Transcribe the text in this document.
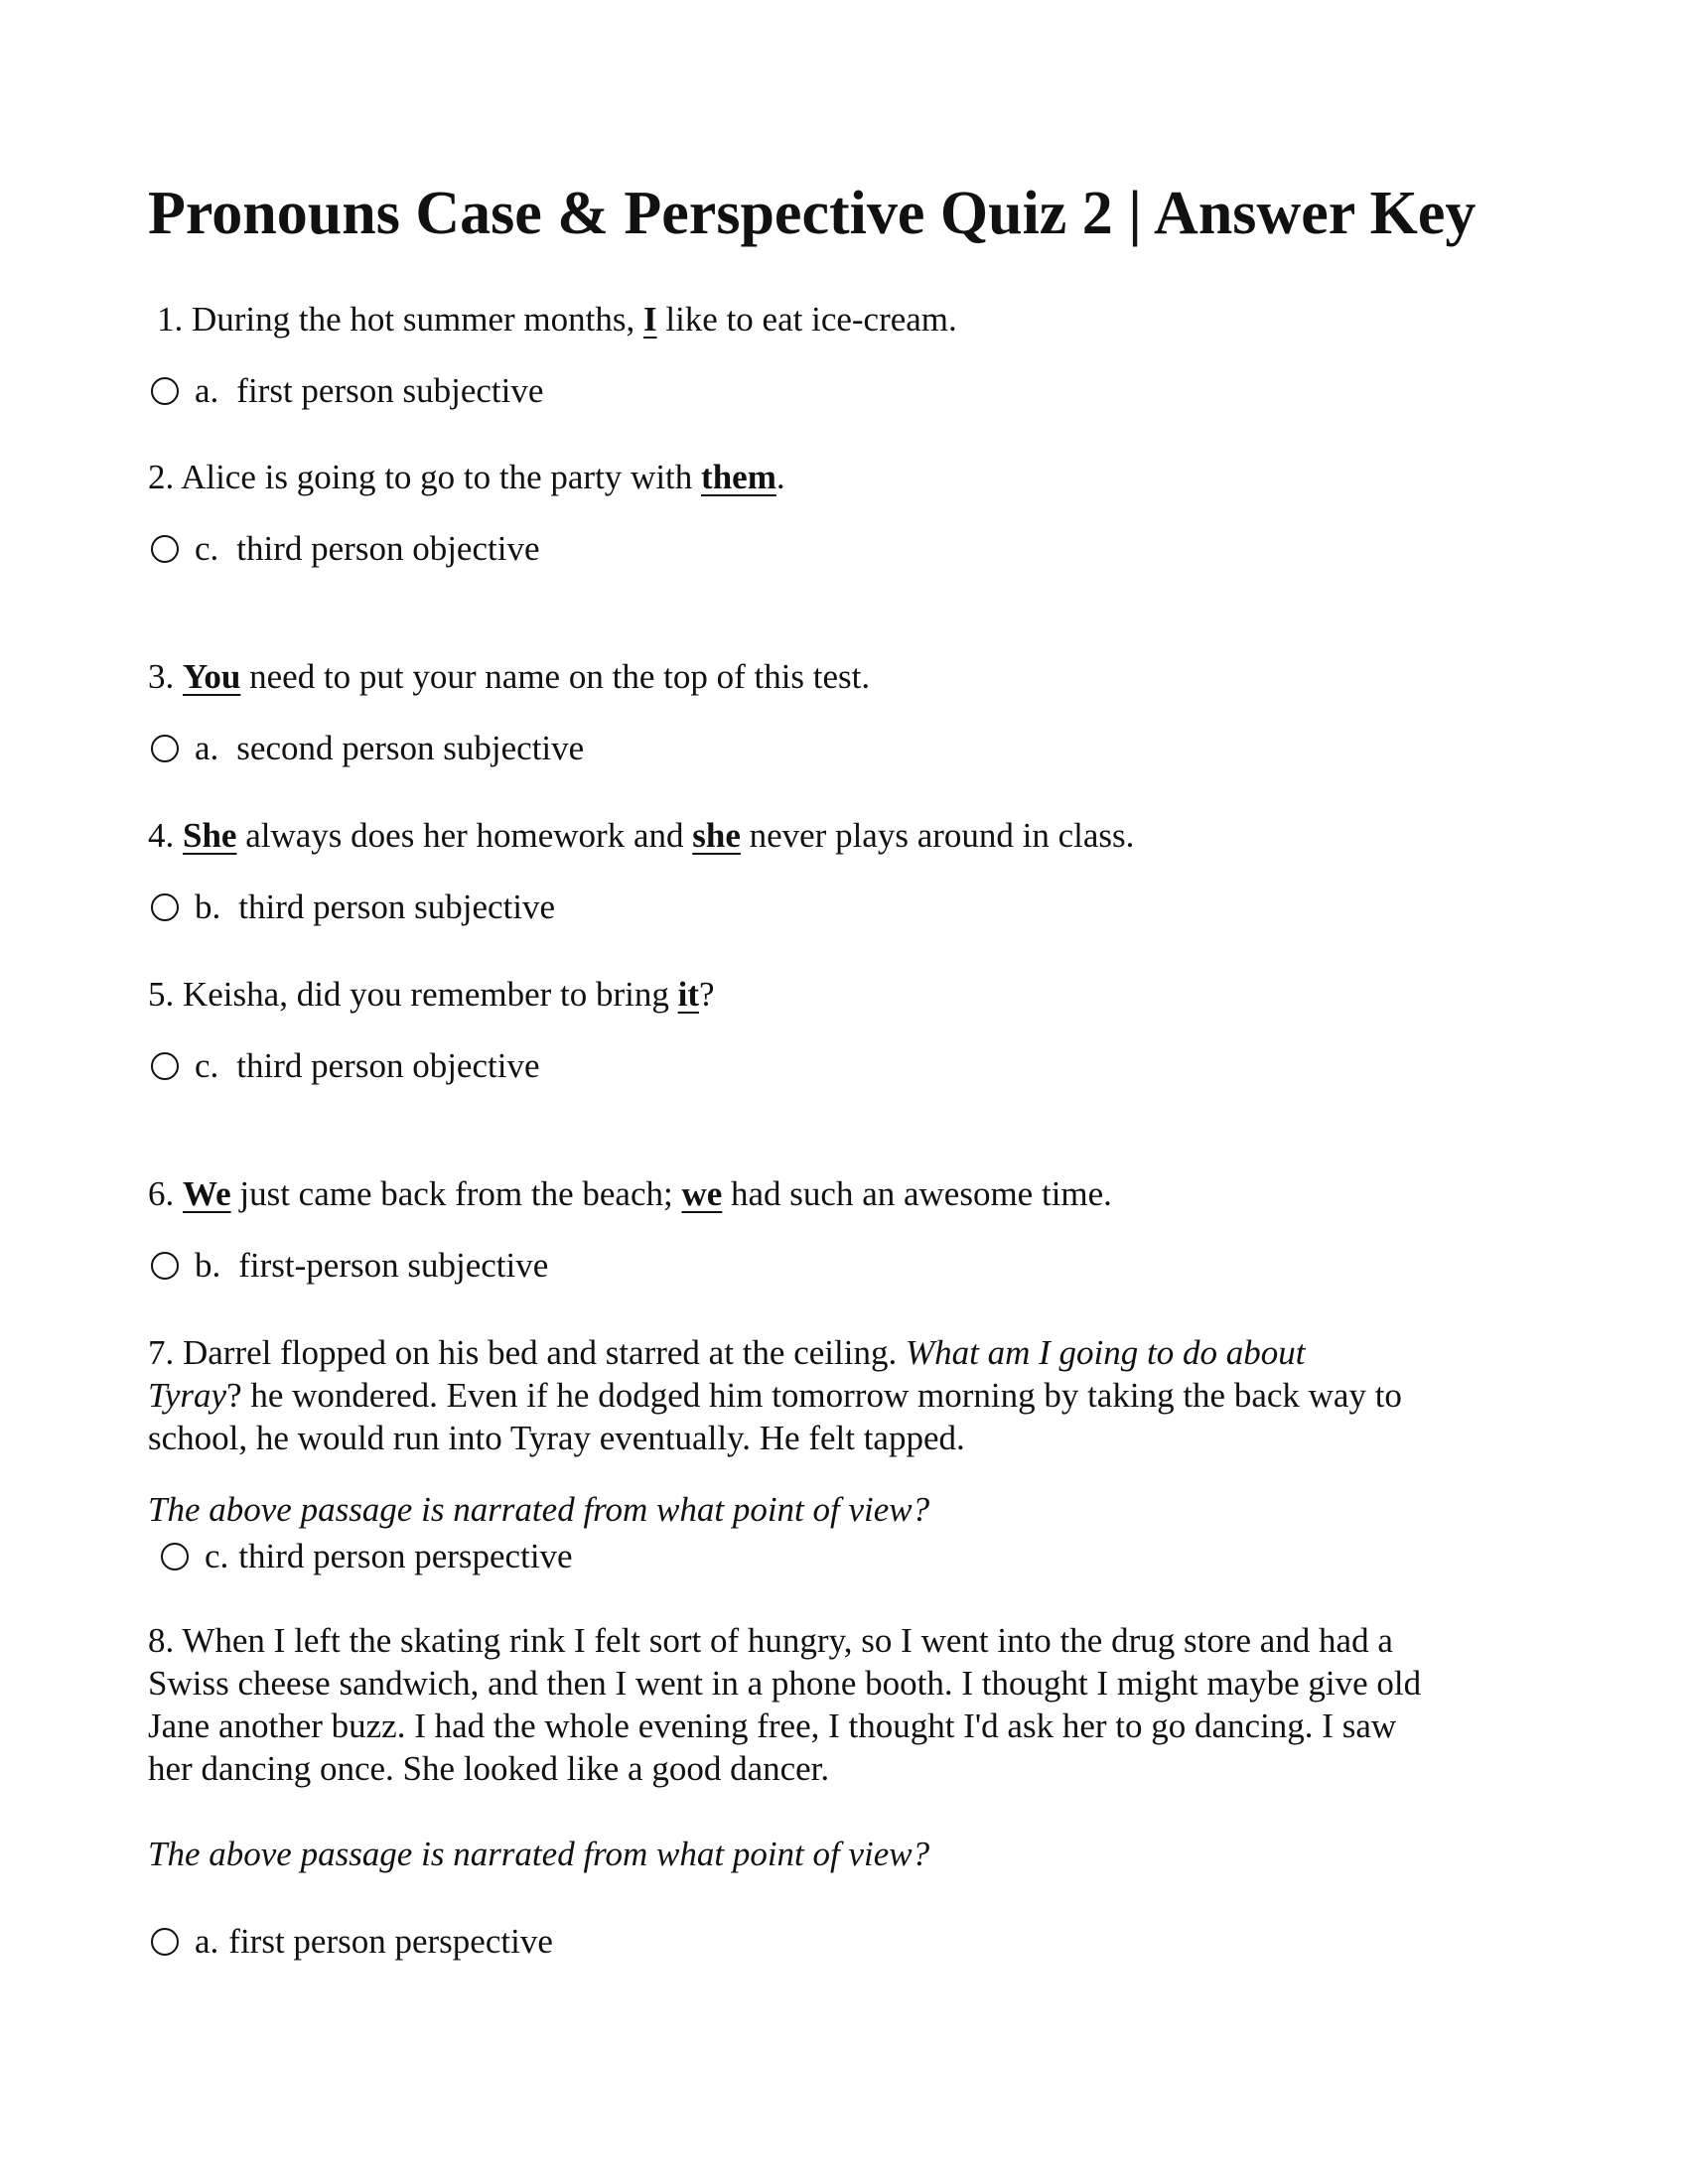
Pronouns Case & Perspective Quiz 2 | Answer Key
1. During the hot summer months, I like to eat ice-cream.
a. first person subjective
2. Alice is going to go to the party with them.
c. third person objective
3. You need to put your name on the top of this test.
a. second person subjective
4. She always does her homework and she never plays around in class.
b. third person subjective
5. Keisha, did you remember to bring it?
c. third person objective
6. We just came back from the beach; we had such an awesome time.
b. first-person subjective
7. Darrel flopped on his bed and starred at the ceiling. What am I going to do about
Tyray? he wondered. Even if he dodged him tomorrow morning by taking the back way to
school, he would run into Tyray eventually. He felt tapped.
The above passage is narrated from what point of view?
c. third person perspective
8. When I left the skating rink I felt sort of hungry, so I went into the drug store and had a
Swiss cheese sandwich, and then I went in a phone booth. I thought I might maybe give old
Jane another buzz. I had the whole evening free, I thought I'd ask her to go dancing. I saw
her dancing once. She looked like a good dancer.
The above passage is narrated from what point of view?
a. first person perspective
